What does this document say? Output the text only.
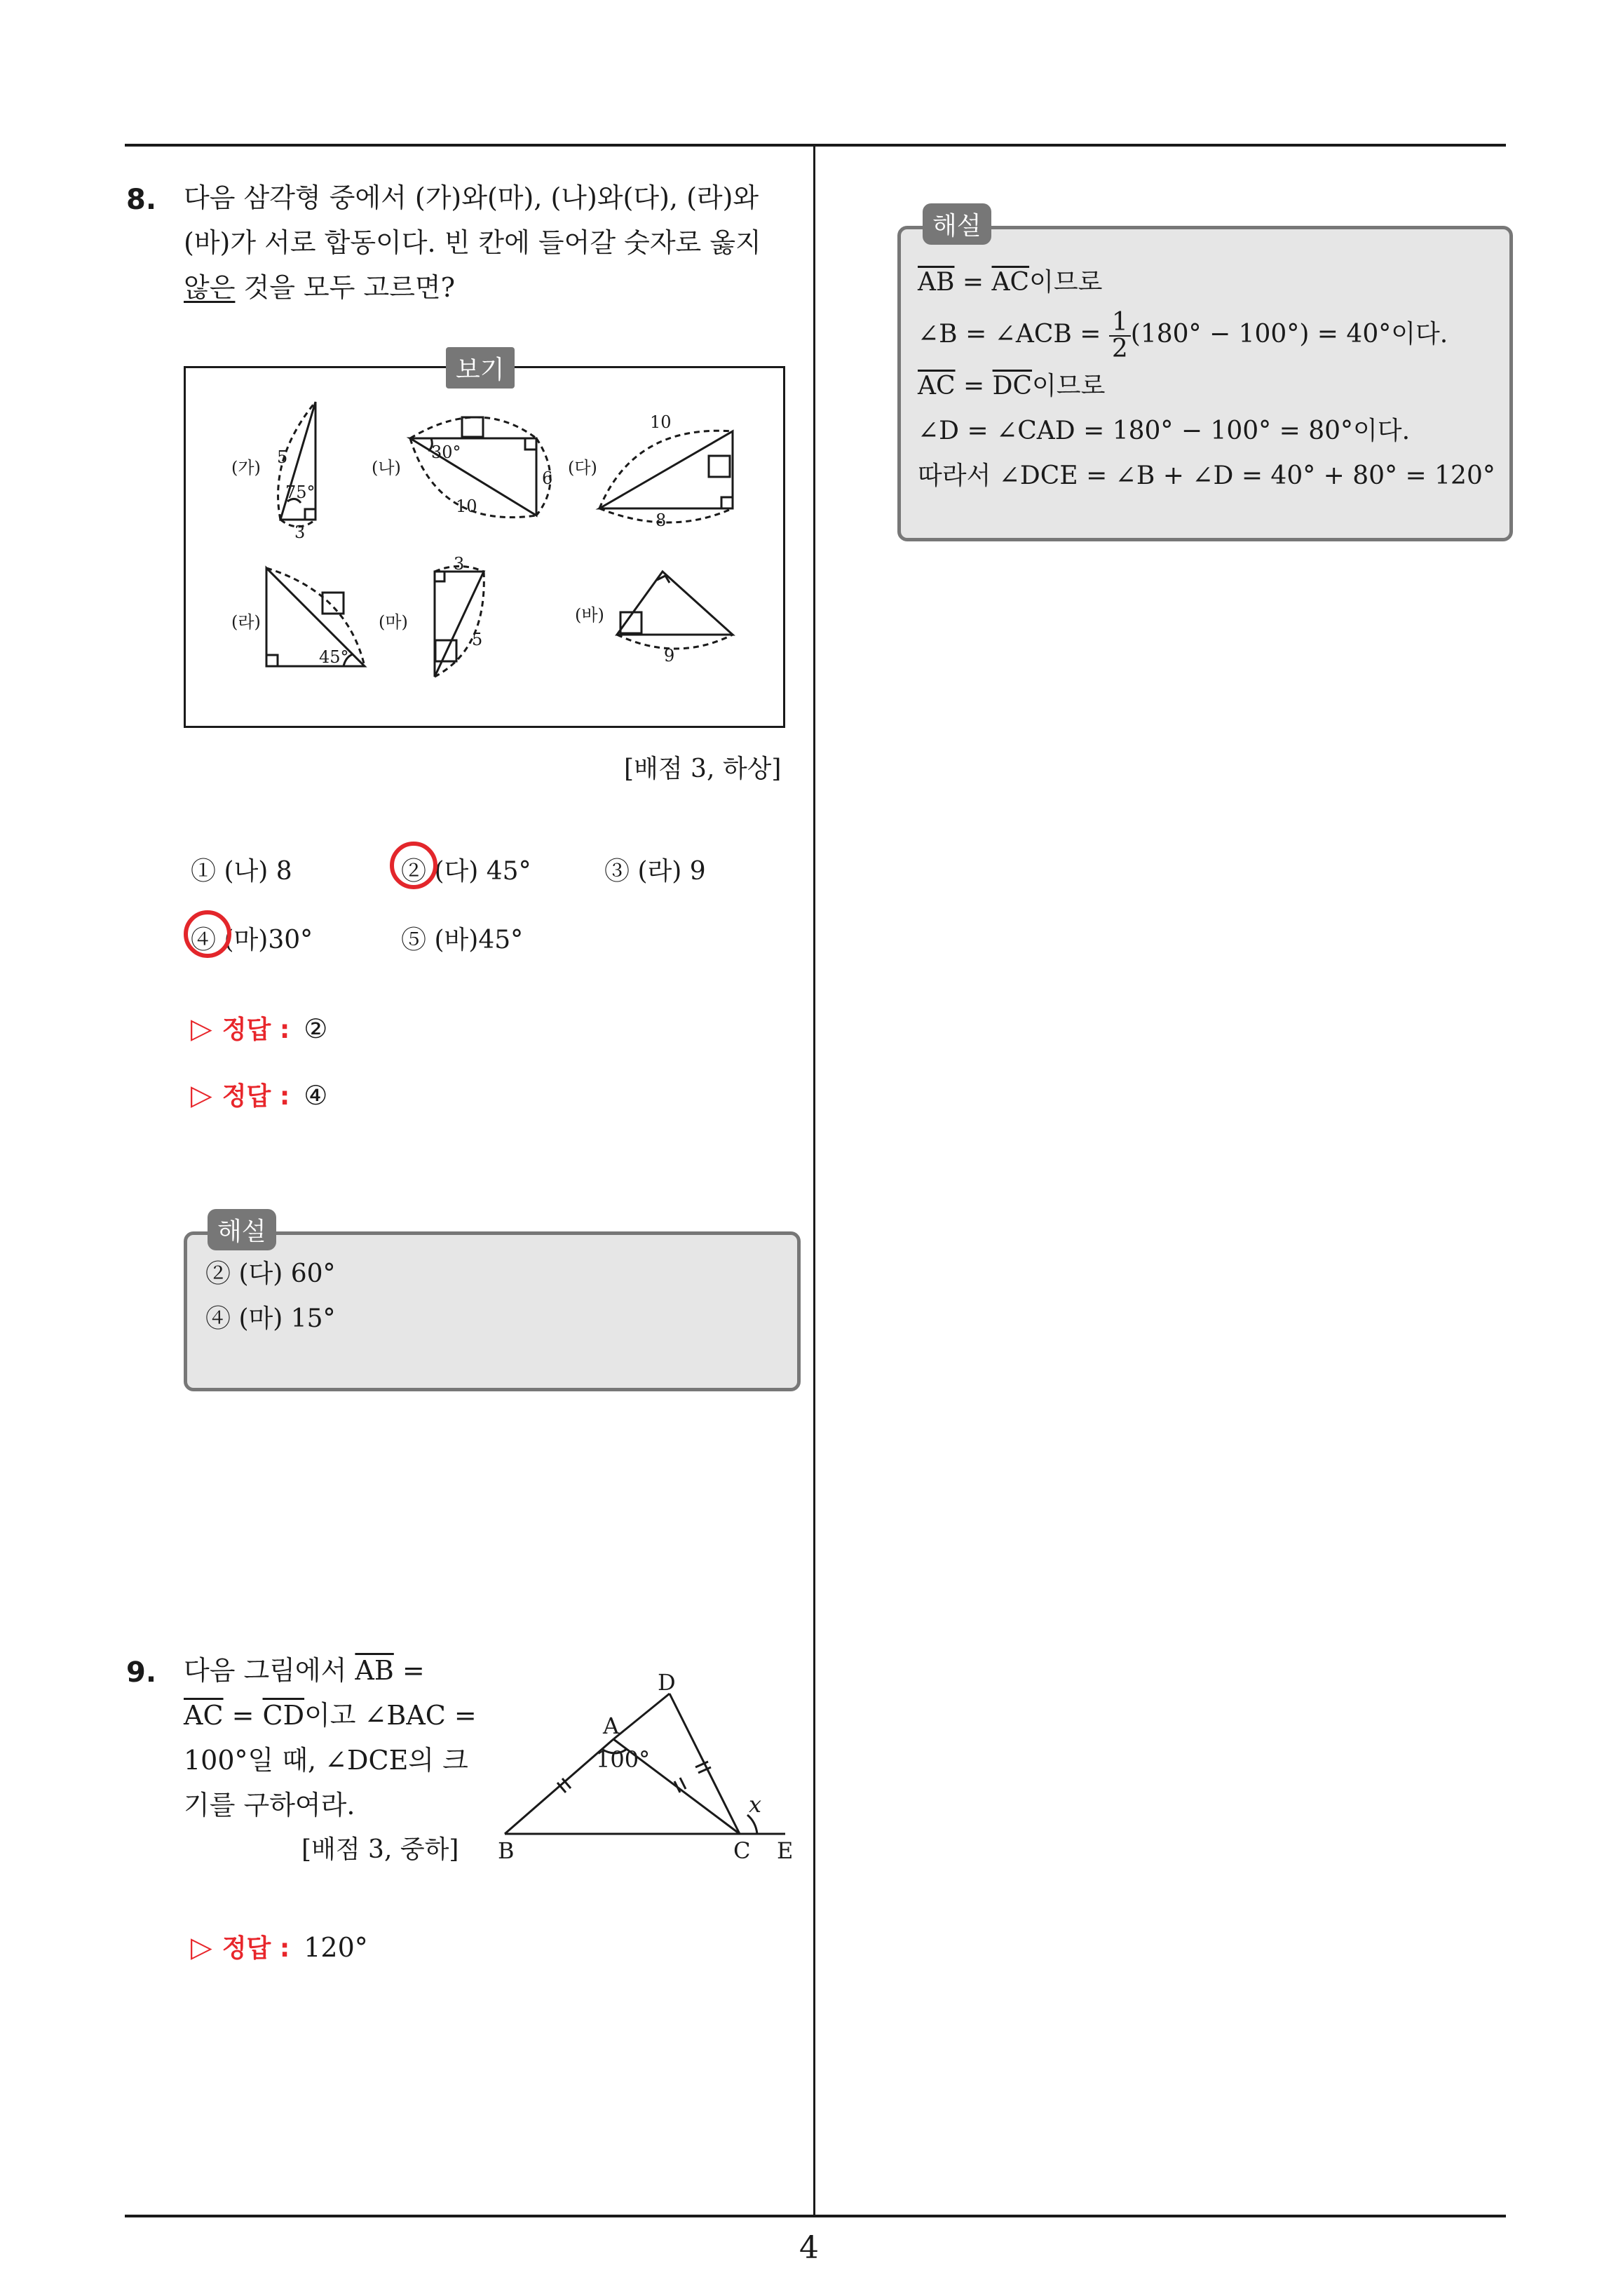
4
8. 다음 삼각형 중에서 (가)와(마), (나)와(다), (라)와
(바)가 서로 합동이다. 빈 칸에 들어갈 숫자로 옳지
않은 것을 모두 고르면?
보기
(가)
5
75°
3
(나)
30°
6
10
(다)
10
8
(라)
45°
(마)
3
5
(바)
9
[배점 3, 하상]
① (나) 8	② (다) 45°	③ (라) 9
④ (마)30°	⑤ (바)45°
▷ 정답 : ②
▷ 정답 : ④
② (다) 60°
④ (마) 15°
해설
9. 다음 그림에서 $\overline{AB}$ =
$\overline{AC} = \overline{CD}$이고 ∠BAC =
100°일 때, ∠DCE의 크
기를 구하여라.
[배점 3, 중하]
D
A
B	C E
100°
x
▷ 정답 : 120°
$\overline{AB} = \overline{AC}$이므로
∠B = ∠ACB = $\frac{1}{2} (180^\circ - 100^\circ) = 40^\circ$이다.
$\overline{AC} = \overline{DC}$이므로
∠D = ∠CAD = 180° − 100° = 80°이다.
따라서 ∠DCE = ∠B + ∠D = 40° + 80° = 120°
해설
